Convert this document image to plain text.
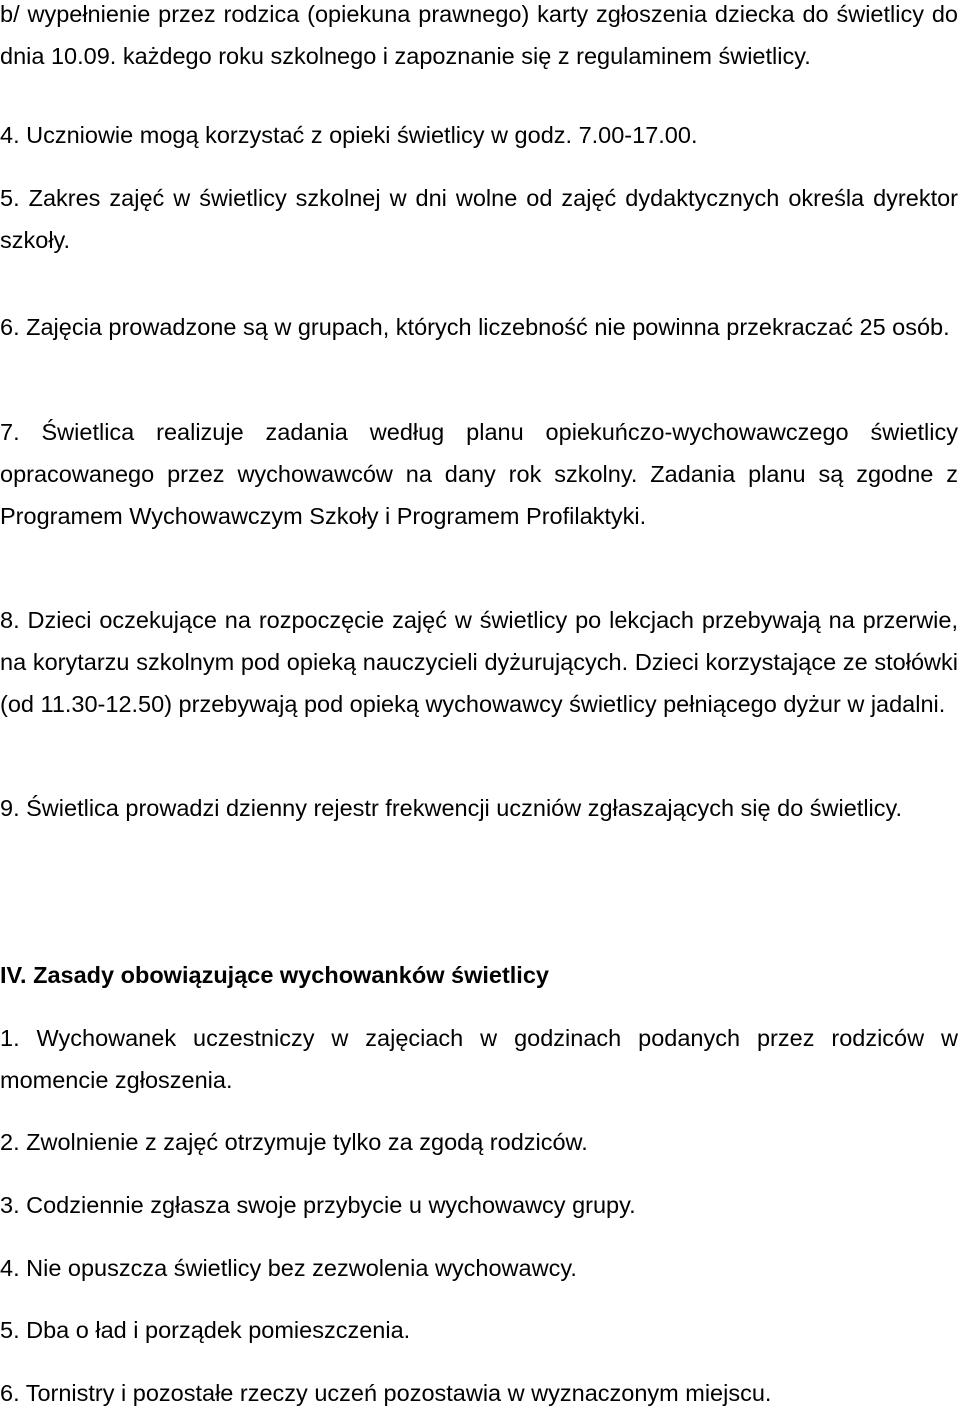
b/ wypełnienie przez rodzica (opiekuna prawnego) karty zgłoszenia dziecka do świetlicy do dnia 10.09. każdego roku szkolnego i zapoznanie się z regulaminem świetlicy.

4. Uczniowie mogą korzystać z opieki świetlicy w godz. 7.00-17.00.

5. Zakres zajęć w świetlicy szkolnej w dni wolne od zajęć dydaktycznych określa dyrektor szkoły.

6. Zajęcia prowadzone są w grupach, których liczebność nie powinna przekraczać 25 osób.

7. Świetlica realizuje zadania według planu opiekuńczo-wychowawczego świetlicy opracowanego przez wychowawców na dany rok szkolny. Zadania planu są zgodne z Programem Wychowawczym Szkoły i Programem Profilaktyki.

8. Dzieci oczekujące na rozpoczęcie zajęć w świetlicy po lekcjach przebywają na przerwie, na korytarzu szkolnym pod opieką nauczycieli dyżurujących. Dzieci korzystające ze stołówki (od 11.30-12.50) przebywają pod opieką wychowawcy świetlicy pełniącego dyżur w jadalni.

9. Świetlica prowadzi dzienny rejestr frekwencji uczniów zgłaszających się do świetlicy.

IV. Zasady obowiązujące wychowanków świetlicy

1. Wychowanek uczestniczy w zajęciach w godzinach podanych przez rodziców w momencie zgłoszenia.

2. Zwolnienie z zajęć otrzymuje tylko za zgodą rodziców.

3. Codziennie zgłasza swoje przybycie u wychowawcy grupy.

4. Nie opuszcza świetlicy bez zezwolenia wychowawcy.

5. Dba o ład i porządek pomieszczenia.

6. Tornistry i pozostałe rzeczy uczeń pozostawia w wyznaczonym miejscu.
